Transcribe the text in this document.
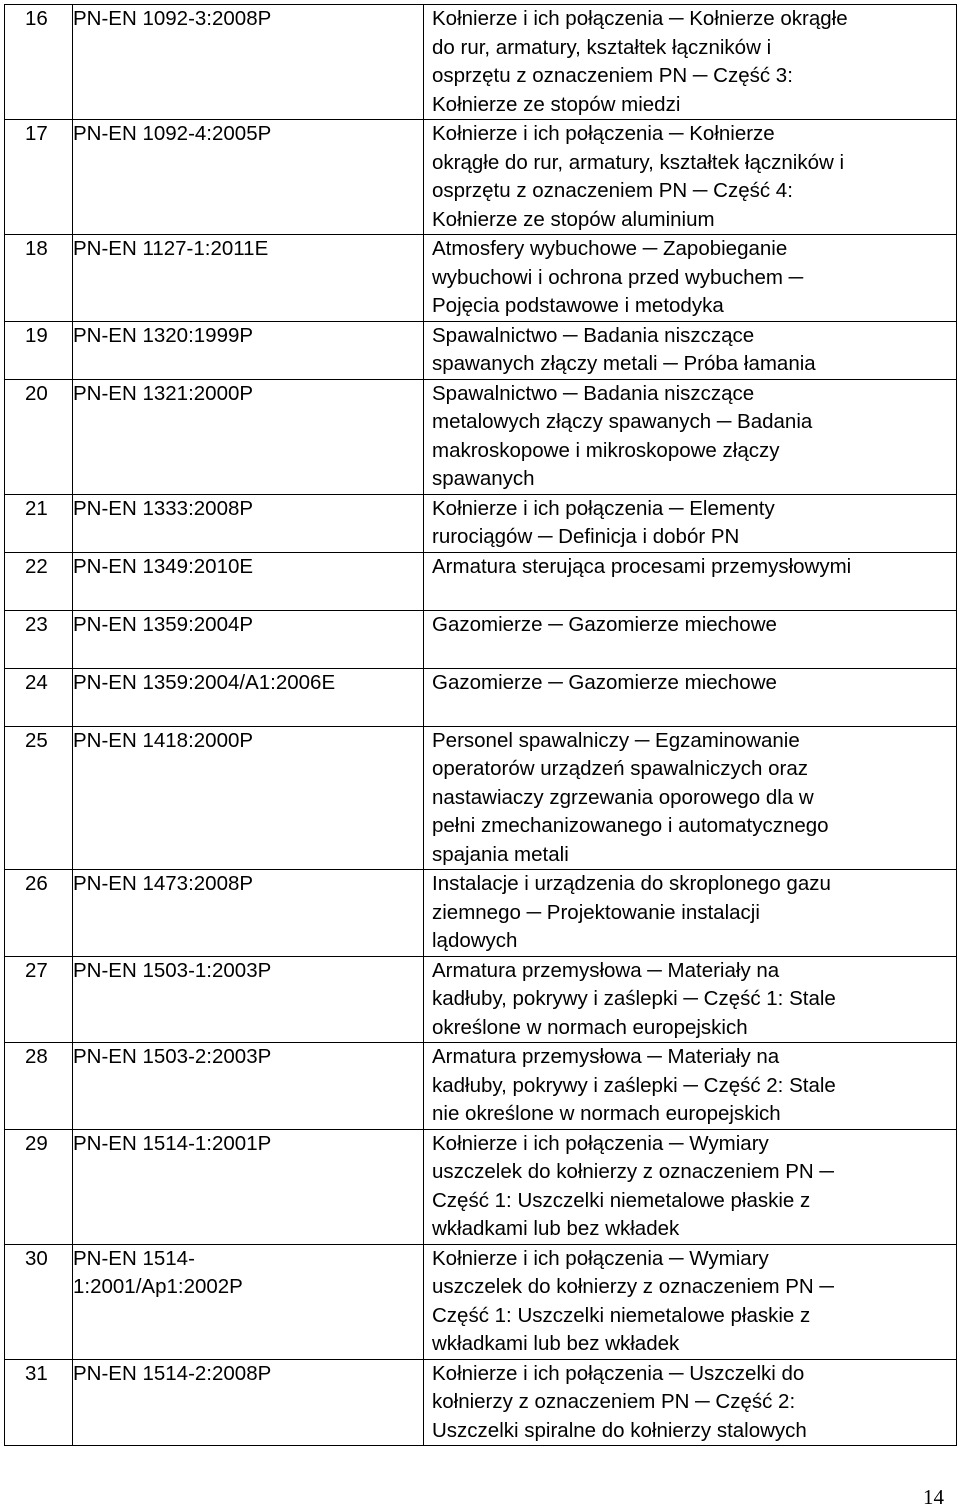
16	PN-EN 1092-3:2008P	Kołnierze i ich połączenia ─ Kołnierze okrągłe
do rur, armatury, kształtek łączników i
osprzętu z oznaczeniem PN ─ Część 3:
Kołnierze ze stopów miedzi

17	PN-EN 1092-4:2005P	Kołnierze i ich połączenia ─ Kołnierze
okrągłe do rur, armatury, kształtek łączników i
osprzętu z oznaczeniem PN ─ Część 4:
Kołnierze ze stopów aluminium

18	PN-EN 1127-1:2011E	Atmosfery wybuchowe ─ Zapobieganie
wybuchowi i ochrona przed wybuchem ─
Pojęcia podstawowe i metodyka

19	PN-EN 1320:1999P	Spawalnictwo ─ Badania niszczące
spawanych złączy metali ─ Próba łamania

20	PN-EN 1321:2000P	Spawalnictwo ─ Badania niszczące
metalowych złączy spawanych ─ Badania
makroskopowe i mikroskopowe złączy
spawanych

21	PN-EN 1333:2008P	Kołnierze i ich połączenia ─ Elementy
rurociągów ─ Definicja i dobór PN

22	PN-EN 1349:2010E	Armatura sterująca procesami przemysłowymi

23	PN-EN 1359:2004P	Gazomierze ─ Gazomierze miechowe

24	PN-EN 1359:2004/A1:2006E	Gazomierze ─ Gazomierze miechowe

25	PN-EN 1418:2000P	Personel spawalniczy ─ Egzaminowanie
operatorów urządzeń spawalniczych oraz
nastawiaczy zgrzewania oporowego dla w
pełni zmechanizowanego i automatycznego
spajania metali

26	PN-EN 1473:2008P	Instalacje i urządzenia do skroplonego gazu
ziemnego ─ Projektowanie instalacji
lądowych

27	PN-EN 1503-1:2003P	Armatura przemysłowa ─ Materiały na
kadłuby, pokrywy i zaślepki ─ Część 1: Stale
określone w normach europejskich

28	PN-EN 1503-2:2003P	Armatura przemysłowa ─ Materiały na
kadłuby, pokrywy i zaślepki ─ Część 2: Stale
nie określone w normach europejskich

29	PN-EN 1514-1:2001P	Kołnierze i ich połączenia ─ Wymiary
uszczelek do kołnierzy z oznaczeniem PN ─
Część 1: Uszczelki niemetalowe płaskie z
wkładkami lub bez wkładek

30	PN-EN 1514-
1:2001/Ap1:2002P	Kołnierze i ich połączenia ─ Wymiary
uszczelek do kołnierzy z oznaczeniem PN ─
Część 1: Uszczelki niemetalowe płaskie z
wkładkami lub bez wkładek

31	PN-EN 1514-2:2008P	Kołnierze i ich połączenia ─ Uszczelki do
kołnierzy z oznaczeniem PN ─ Część 2:
Uszczelki spiralne do kołnierzy stalowych
14
